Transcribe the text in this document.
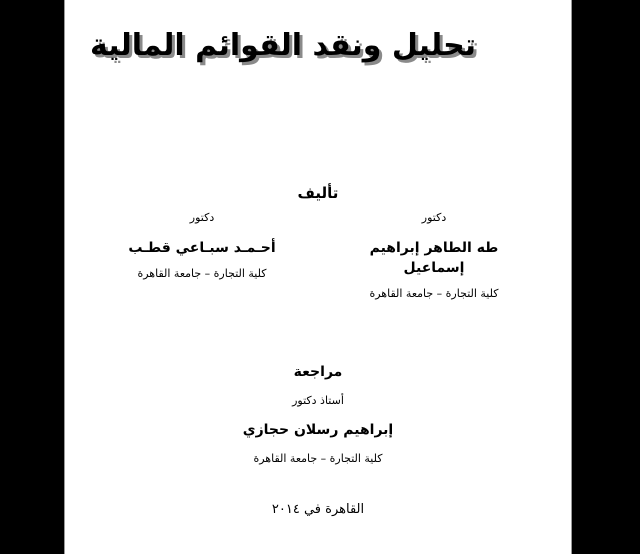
تحليل ونقد القوائم المالية
تأليف
دكتور
طه الطاهر إبراهيم إسماعيل
كلية التجارة – جامعة القاهرة
دكتور
أحـمـد سبـاعي قطـب
كلية التجارة – جامعة القاهرة
مراجعة
أستاذ دكتور
إبراهيم رسلان حجازي
كلية التجارة – جامعة القاهرة
القاهرة في ٢٠١٤
